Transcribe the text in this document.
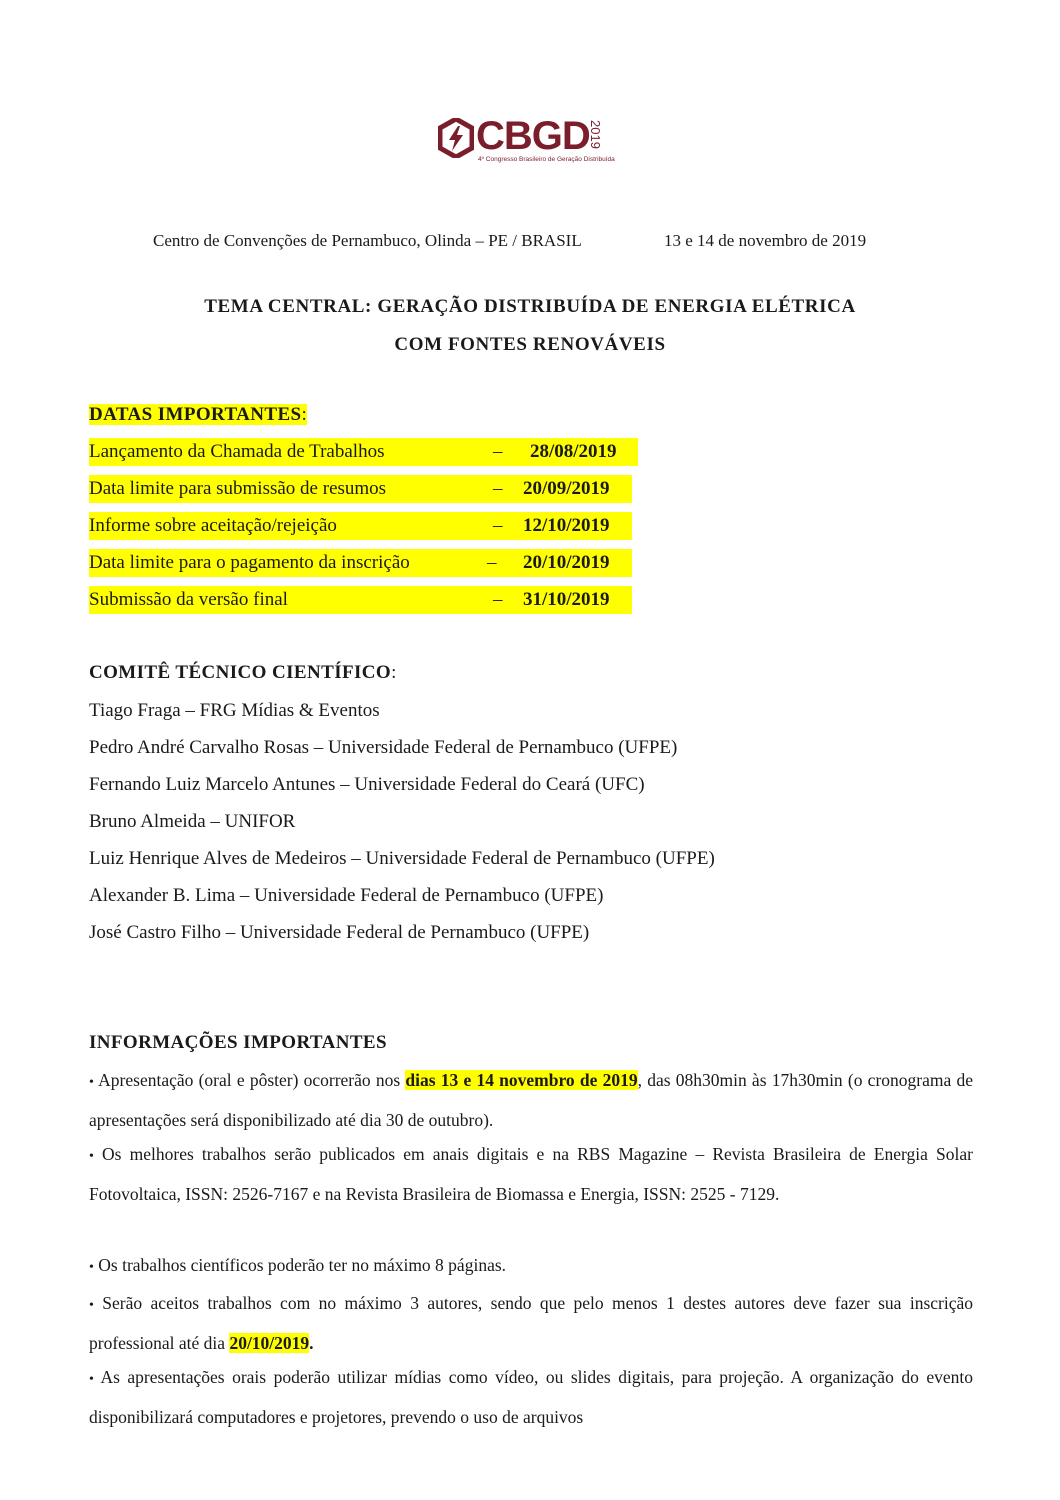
CBGD
2019
4º Congresso Brasileiro de Geração Distribuída
Centro de Convenções de Pernambuco, Olinda – PE / BRASIL	13 e 14 de novembro de 2019
TEMA CENTRAL: GERAÇÃO DISTRIBUÍDA DE ENERGIA ELÉTRICA
COM FONTES RENOVÁVEIS
DATAS IMPORTANTES:
Lançamento da Chamada de Trabalhos	– 28/08/2019
Data limite para submissão de resumos	– 20/09/2019
Informe sobre aceitação/rejeição	– 12/10/2019
Data limite para o pagamento da inscrição	– 20/10/2019
Submissão da versão final	– 31/10/2019
COMITÊ TÉCNICO CIENTÍFICO:
Tiago Fraga – FRG Mídias & Eventos
Pedro André Carvalho Rosas – Universidade Federal de Pernambuco (UFPE)
Fernando Luiz Marcelo Antunes – Universidade Federal do Ceará (UFC)
Bruno Almeida – UNIFOR
Luiz Henrique Alves de Medeiros – Universidade Federal de Pernambuco (UFPE)
Alexander B. Lima – Universidade Federal de Pernambuco (UFPE)
José Castro Filho – Universidade Federal de Pernambuco (UFPE)
INFORMAÇÕES IMPORTANTES
• Apresentação (oral e pôster) ocorrerão nos dias 13 e 14 novembro de 2019, das 08h30min às 17h30min (o cronograma de apresentações será disponibilizado até dia 30 de outubro).
• Os melhores trabalhos serão publicados em anais digitais e na RBS Magazine – Revista Brasileira de Energia Solar Fotovoltaica, ISSN: 2526-7167 e na Revista Brasileira de Biomassa e Energia, ISSN: 2525 - 7129.
• Os trabalhos científicos poderão ter no máximo 8 páginas.
• Serão aceitos trabalhos com no máximo 3 autores, sendo que pelo menos 1 destes autores deve fazer sua inscrição professional até dia 20/10/2019.
• As apresentações orais poderão utilizar mídias como vídeo, ou slides digitais, para projeção. A organização do evento disponibilizará computadores e projetores, prevendo o uso de arquivos
